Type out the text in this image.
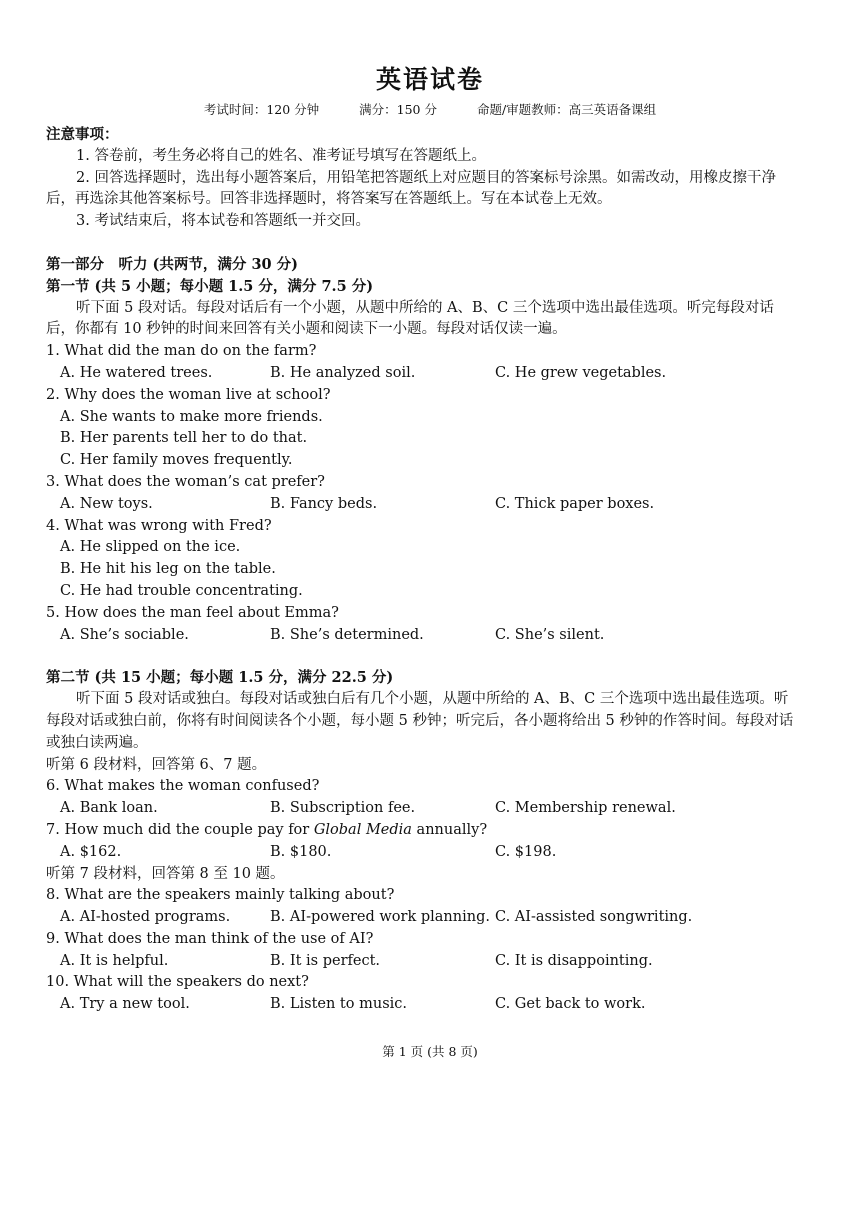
英语试卷
考试时间：120 分钟	满分：150 分	命题/审题教师：高三英语备课组
注意事项：
1. 答卷前，考生务必将自己的姓名、准考证号填写在答题纸上。
2. 回答选择题时，选出每小题答案后，用铅笔把答题纸上对应题目的答案标号涂黑。如需改动，用橡皮擦干净后，再选涂其他答案标号。回答非选择题时，将答案写在答题纸上。写在本试卷上无效。
3. 考试结束后，将本试卷和答题纸一并交回。
第一部分　听力 (共两节，满分 30 分)
第一节 (共 5 小题；每小题 1.5 分，满分 7.5 分)
听下面 5 段对话。每段对话后有一个小题，从题中所给的 A、B、C 三个选项中选出最佳选项。听完每段对话后，你都有 10 秒钟的时间来回答有关小题和阅读下一小题。每段对话仅读一遍。
1. What did the man do on the farm?
A. He watered trees.	B. He analyzed soil.	C. He grew vegetables.
2. Why does the woman live at school?
A. She wants to make more friends.
B. Her parents tell her to do that.
C. Her family moves frequently.
3. What does the woman’s cat prefer?
A. New toys.	B. Fancy beds.	C. Thick paper boxes.
4. What was wrong with Fred?
A. He slipped on the ice.
B. He hit his leg on the table.
C. He had trouble concentrating.
5. How does the man feel about Emma?
A. She’s sociable.	B. She’s determined.	C. She’s silent.
第二节 (共 15 小题；每小题 1.5 分，满分 22.5 分)
听下面 5 段对话或独白。每段对话或独白后有几个小题，从题中所给的 A、B、C 三个选项中选出最佳选项。听每段对话或独白前，你将有时间阅读各个小题，每小题 5 秒钟；听完后，各小题将给出 5 秒钟的作答时间。每段对话或独白读两遍。
听第 6 段材料，回答第 6、7 题。
6. What makes the woman confused?
A. Bank loan.	B. Subscription fee.	C. Membership renewal.
7. How much did the couple pay for Global Media annually?
A. $162.	B. $180.	C. $198.
听第 7 段材料，回答第 8 至 10 题。
8. What are the speakers mainly talking about?
A. AI-hosted programs.	B. AI-powered work planning. C. AI-assisted songwriting.
9. What does the man think of the use of AI?
A. It is helpful.	B. It is perfect.	C. It is disappointing.
10. What will the speakers do next?
A. Try a new tool.	B. Listen to music.	C. Get back to work.
第 1 页 (共 8 页)
